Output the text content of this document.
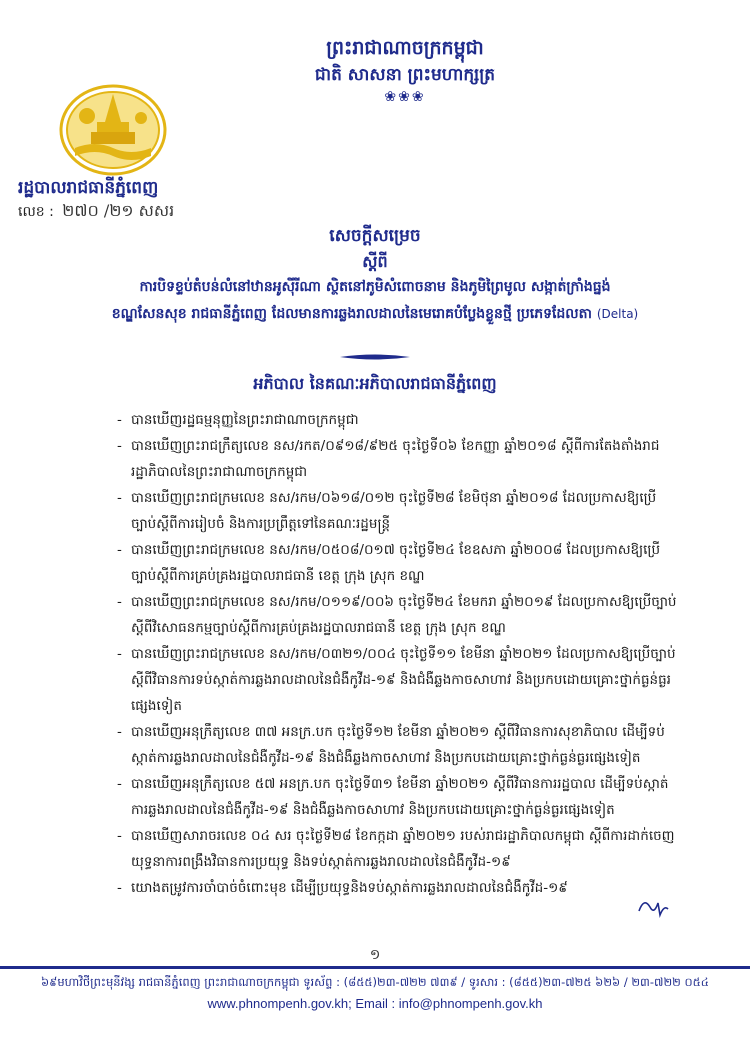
ព្រះរាជាណាចក្រកម្ពុជា
ជាតិ សាសនា ព្រះមហាក្សត្រ
❀❀❀
រដ្ឋបាលរាជធានីភ្នំពេញ
លេខ : ២៧០ /២១ សសរ
សេចក្តីសម្រេច
ស្តីពី
ការបិទខ្ទប់តំបន់លំនៅឋានអូស៊ីរីណា ស្ថិតនៅភូមិសំពោចនាម និងភូមិព្រៃមូល សង្កាត់ក្រាំងធ្នង់
ខណ្ឌសែនសុខ រាជធានីភ្នំពេញ ដែលមានការឆ្លងរាលដាលនៃមេរោគបំប្លែងខ្លួនថ្មី ប្រភេទដែលតា (Delta)
អភិបាល នៃគណៈអភិបាលរាជធានីភ្នំពេញ
- បានឃើញរដ្ឋធម្មនុញ្ញនៃព្រះរាជាណាចក្រកម្ពុជា
- បានឃើញព្រះរាជក្រឹត្យលេខ នស/រកត/០៩១៨/៩២៥ ចុះថ្ងៃទី០៦ ខែកញ្ញា ឆ្នាំ២០១៨ ស្តីពីការតែងតាំងរាជរដ្ឋាភិបាលនៃព្រះរាជាណាចក្រកម្ពុជា
- បានឃើញព្រះរាជក្រមលេខ នស/រកម/០៦១៨/០១២ ចុះថ្ងៃទី២៨ ខែមិថុនា ឆ្នាំ២០១៨ ដែលប្រកាសឱ្យប្រើច្បាប់ស្តីពីការរៀបចំ និងការប្រព្រឹត្តទៅនៃគណៈរដ្ឋមន្ត្រី
- បានឃើញព្រះរាជក្រមលេខ នស/រកម/០៥០៨/០១៧ ចុះថ្ងៃទី២៤ ខែឧសភា ឆ្នាំ២០០៨ ដែលប្រកាសឱ្យប្រើច្បាប់ស្តីពីការគ្រប់គ្រងរដ្ឋបាលរាជធានី ខេត្ត ក្រុង ស្រុក ខណ្ឌ
- បានឃើញព្រះរាជក្រមលេខ នស/រកម/០១១៩/០០៦ ចុះថ្ងៃទី២៤ ខែមករា ឆ្នាំ២០១៩ ដែលប្រកាសឱ្យប្រើច្បាប់ស្តីពីវិសោធនកម្មច្បាប់ស្តីពីការគ្រប់គ្រងរដ្ឋបាលរាជធានី ខេត្ត ក្រុង ស្រុក ខណ្ឌ
- បានឃើញព្រះរាជក្រមលេខ នស/រកម/០៣២១/០០៤ ចុះថ្ងៃទី១១ ខែមីនា ឆ្នាំ២០២១ ដែលប្រកាសឱ្យប្រើច្បាប់ស្តីពីវិធានការទប់ស្កាត់ការឆ្លងរាលដាលនៃជំងឺកូវីដ-១៩ និងជំងឺឆ្លងកាចសាហាវ និងប្រកបដោយគ្រោះថ្នាក់ធ្ងន់ធ្ងរផ្សេងទៀត
- បានឃើញអនុក្រឹត្យលេខ ៣៧ អនក្រ.បក ចុះថ្ងៃទី១២ ខែមីនា ឆ្នាំ២០២១ ស្តីពីវិធានការសុខាភិបាល ដើម្បីទប់ស្កាត់ការឆ្លងរាលដាលនៃជំងឺកូវីដ-១៩ និងជំងឺឆ្លងកាចសាហាវ និងប្រកបដោយគ្រោះថ្នាក់ធ្ងន់ធ្ងរផ្សេងទៀត
- បានឃើញអនុក្រឹត្យលេខ ៥៧ អនក្រ.បក ចុះថ្ងៃទី៣១ ខែមីនា ឆ្នាំ២០២១ ស្តីពីវិធានការរដ្ឋបាល ដើម្បីទប់ស្កាត់ការឆ្លងរាលដាលនៃជំងឺកូវីដ-១៩ និងជំងឺឆ្លងកាចសាហាវ និងប្រកបដោយគ្រោះថ្នាក់ធ្ងន់ធ្ងរផ្សេងទៀត
- បានឃើញសារាចរលេខ ០៤ សរ ចុះថ្ងៃទី២៨ ខែកក្កដា ឆ្នាំ២០២១ របស់រាជរដ្ឋាភិបាលកម្ពុជា ស្តីពីការដាក់ចេញយុទ្ធនាការពង្រឹងវិធានការប្រយុទ្ធ និងទប់ស្កាត់ការឆ្លងរាលដាលនៃជំងឺកូវីដ-១៩
- យោងតម្រូវការចាំបាច់ចំពោះមុខ ដើម្បីប្រយុទ្ធនិងទប់ស្កាត់ការឆ្លងរាលដាលនៃជំងឺកូវីដ-១៩
១
៦៩មហាវិថីព្រះមុនីវង្ស រាជធានីភ្នំពេញ ព្រះរាជាណាចក្រកម្ពុជា ទូរស័ព្ទ : (៨៥៥)២៣-៧២២ ៧៣៩ / ទូរសារ : (៨៥៥)២៣-៧២៥ ៦២៦ / ២៣-៧២២ ០៥៤
www.phnompenh.gov.kh; Email : info@phnompenh.gov.kh
